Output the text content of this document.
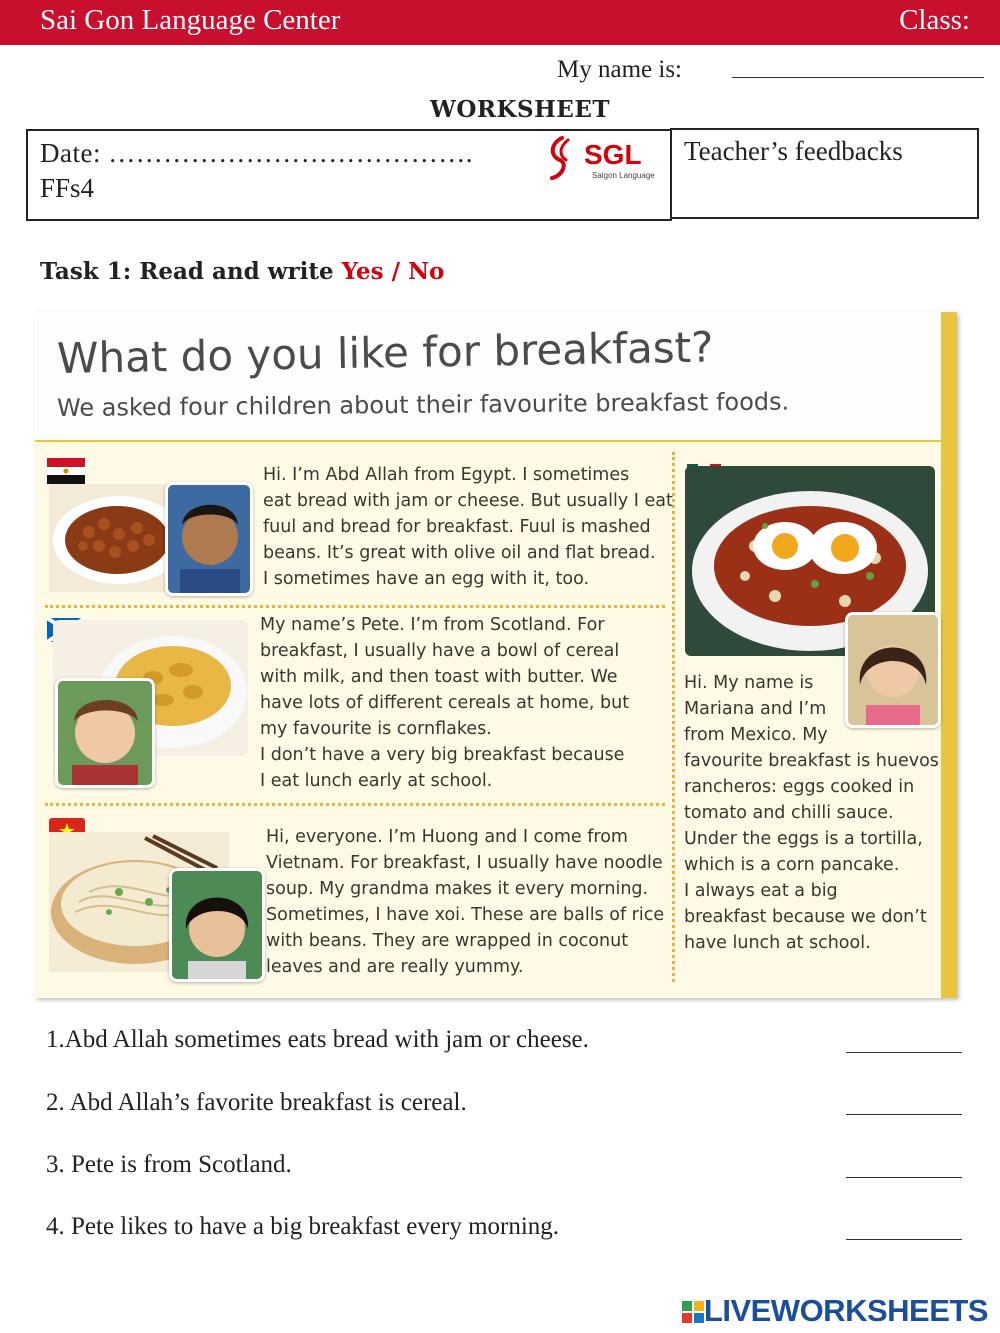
Sai Gon Language Center	Class:
My name is:
WORKSHEET
Date: ………………………………….
FFs4
Teacher’s feedbacks
SGL
Saigon Language
Task 1: Read and write Yes / No
What do you like for breakfast?
We asked four children about their favourite breakfast foods.
Hi. I’m Abd Allah from Egypt. I sometimes
eat bread with jam or cheese. But usually I eat
fuul and bread for breakfast. Fuul is mashed
beans. It’s great with olive oil and flat bread.
I sometimes have an egg with it, too.
My name’s Pete. I’m from Scotland. For
breakfast, I usually have a bowl of cereal
with milk, and then toast with butter. We
have lots of different cereals at home, but
my favourite is cornflakes.
I don’t have a very big breakfast because
I eat lunch early at school.
Hi, everyone. I’m Huong and I come from
Vietnam. For breakfast, I usually have noodle
soup. My grandma makes it every morning.
Sometimes, I have xoi. These are balls of rice
with beans. They are wrapped in coconut
leaves and are really yummy.
Hi. My name is
Mariana and I’m
from Mexico. My
favourite breakfast is huevos
rancheros: eggs cooked in
tomato and chilli sauce.
Under the eggs is a tortilla,
which is a corn pancake.
I always eat a big
breakfast because we don’t
have lunch at school.
1.Abd Allah sometimes eats bread with jam or cheese.
2. Abd Allah’s favorite breakfast is cereal.
3. Pete is from Scotland.
4. Pete likes to have a big breakfast every morning.
LIVEWORKSHEETS
